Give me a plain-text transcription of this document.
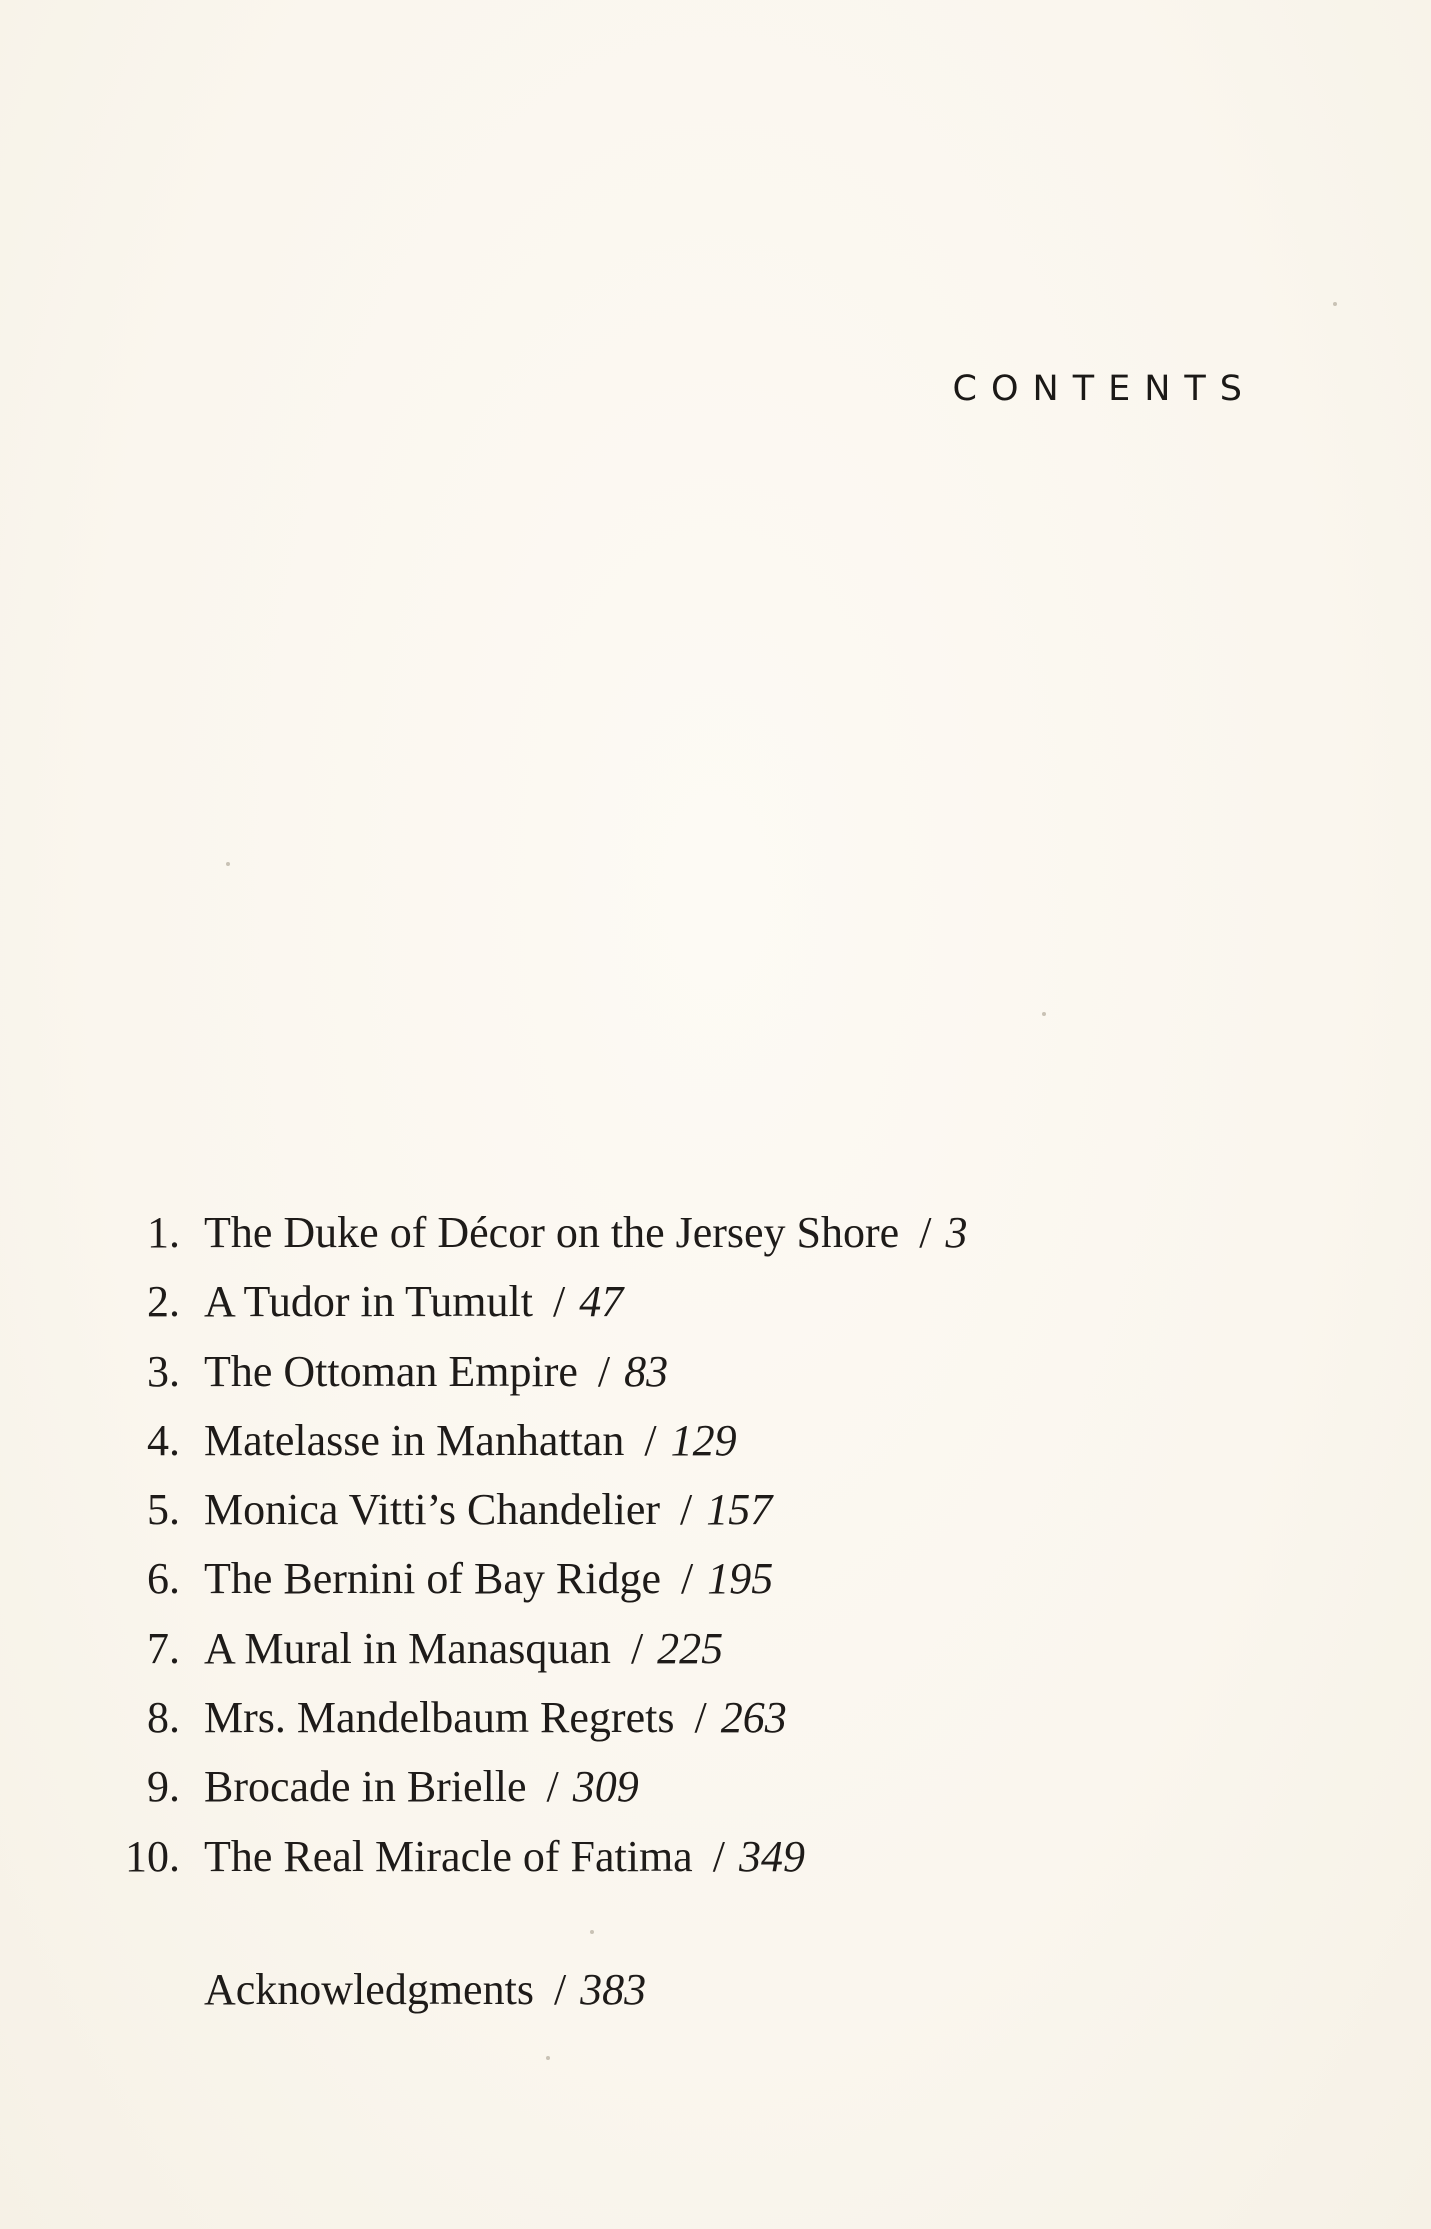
CONTENTS
1. The Duke of Décor on the Jersey Shore / 3
2. A Tudor in Tumult / 47
3. The Ottoman Empire / 83
4. Matelasse in Manhattan / 129
5. Monica Vitti’s Chandelier / 157
6. The Bernini of Bay Ridge / 195
7. A Mural in Manasquan / 225
8. Mrs. Mandelbaum Regrets / 263
9. Brocade in Brielle / 309
10. The Real Miracle of Fatima / 349
Acknowledgments / 383
